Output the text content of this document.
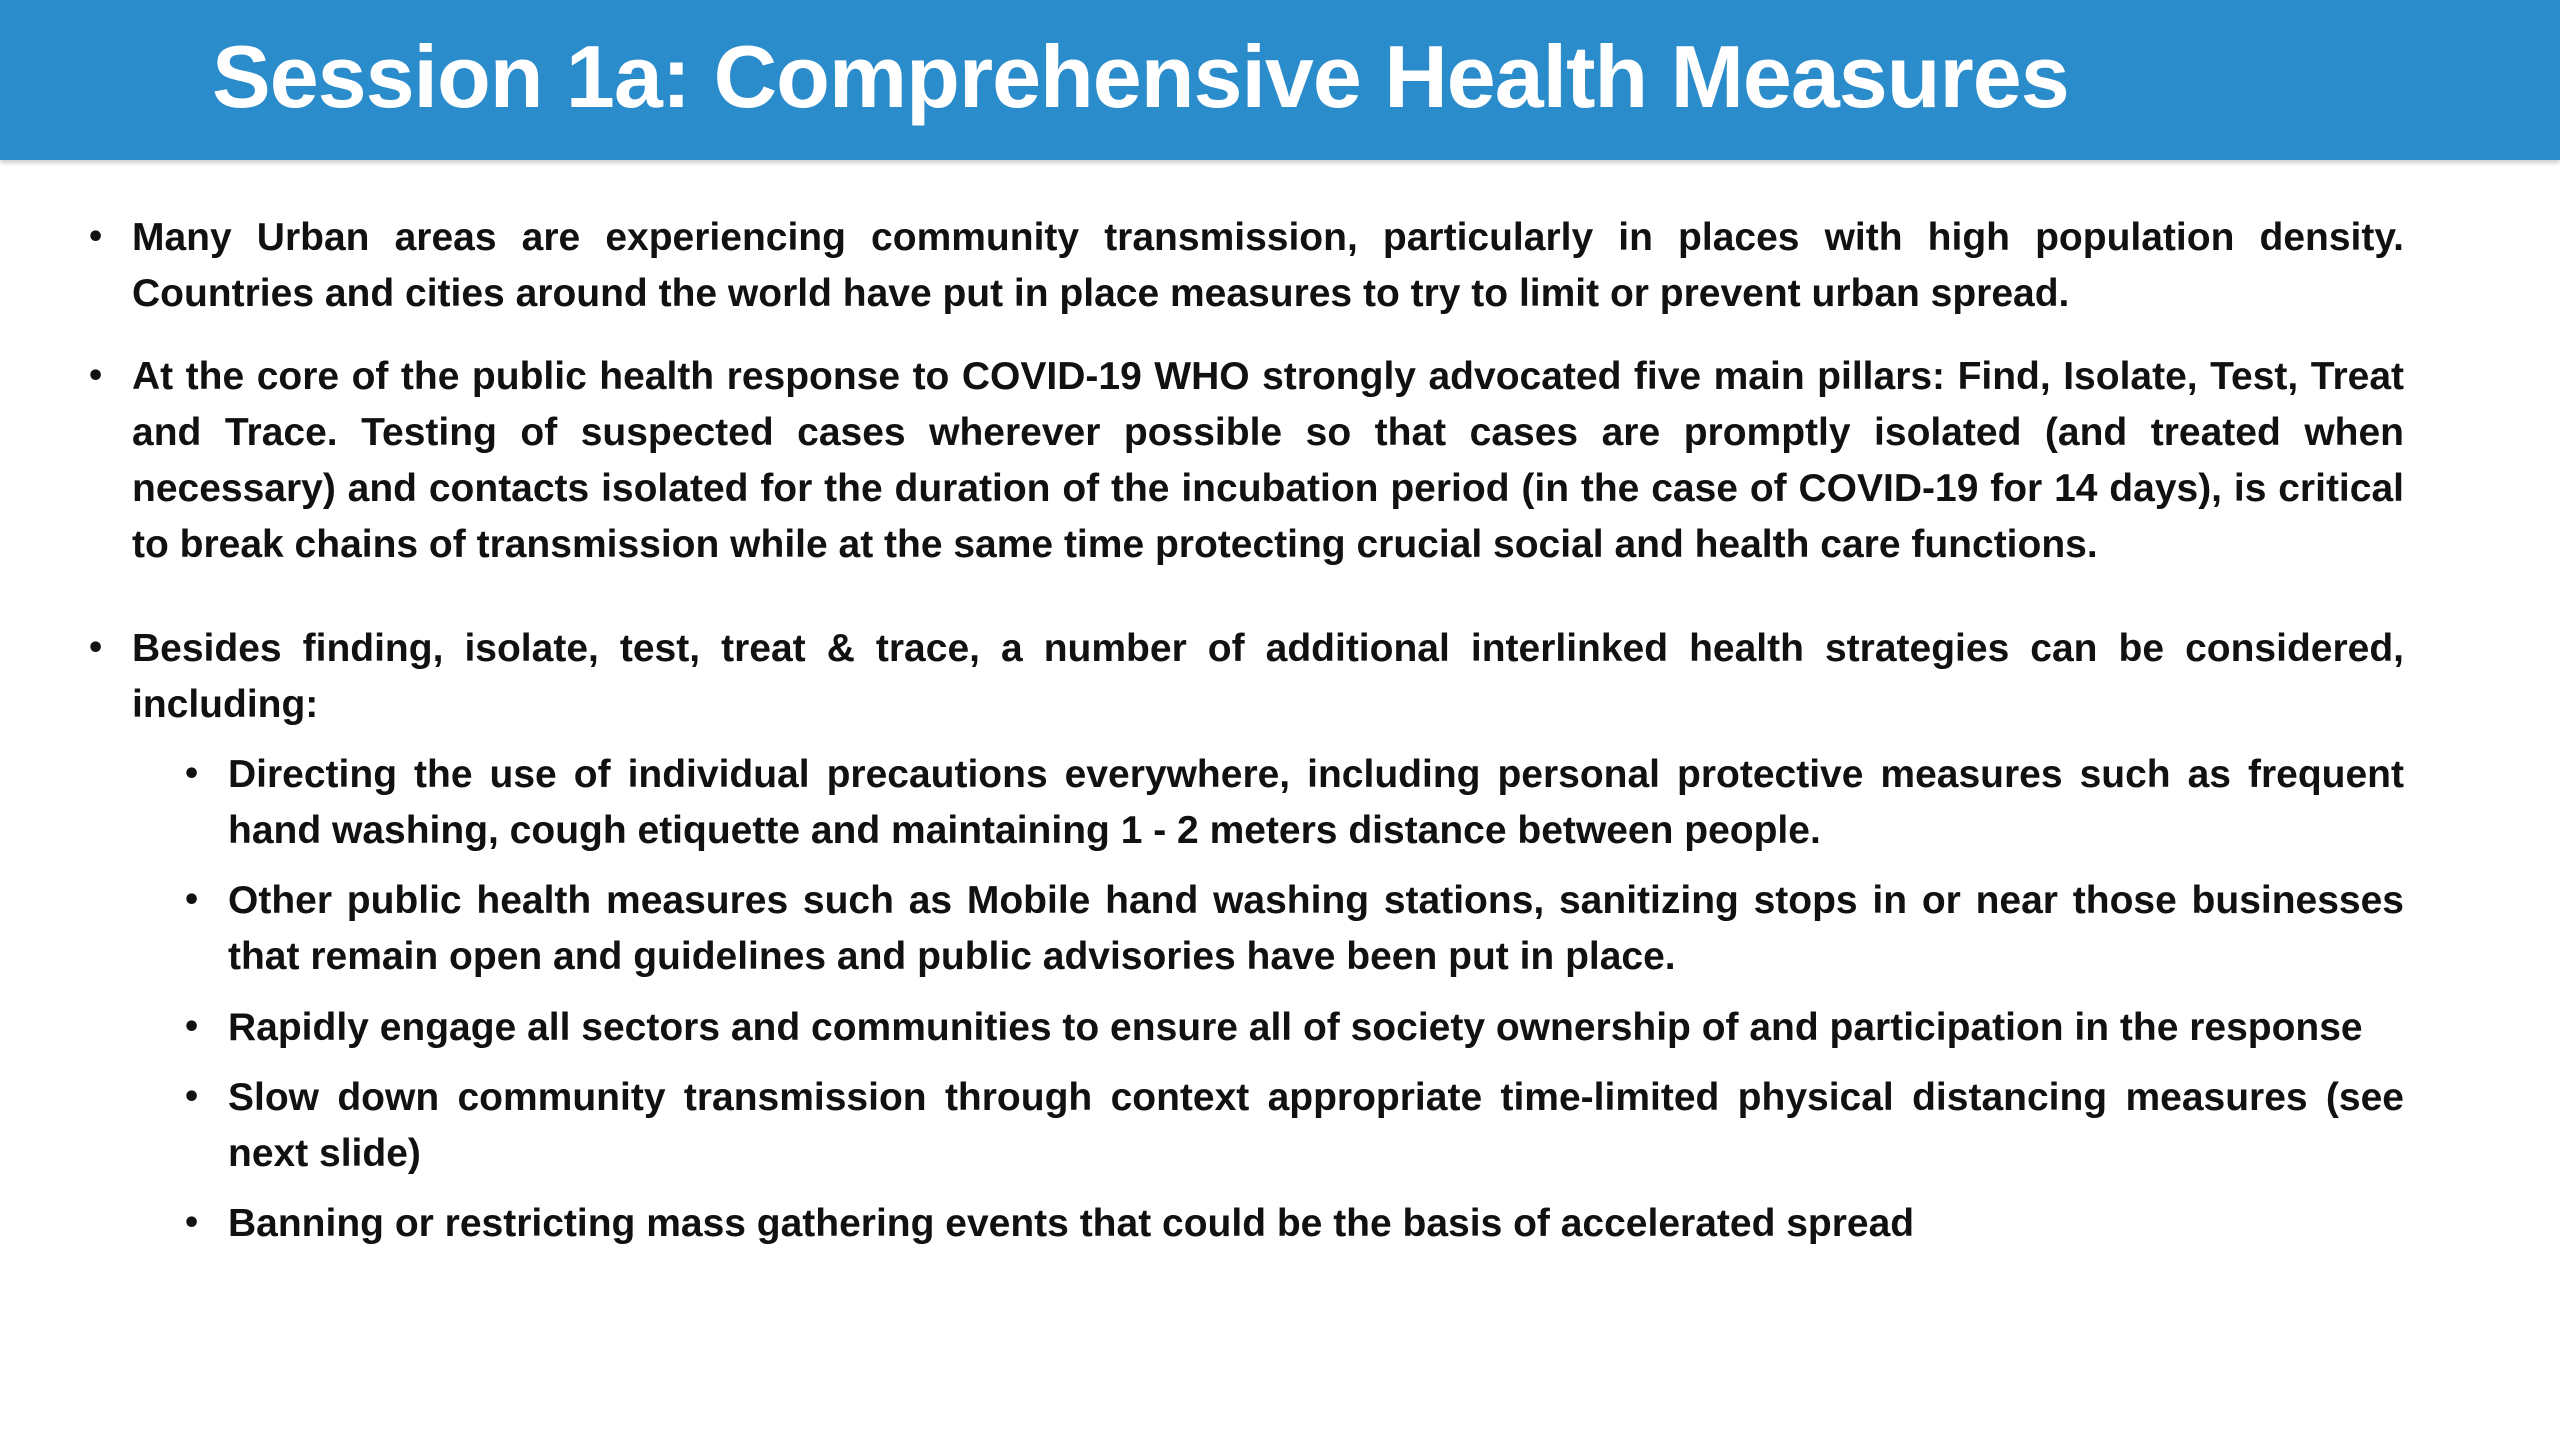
Session 1a: Comprehensive Health Measures
• Many Urban areas are experiencing community transmission, particularly in places with high population density. Countries and cities around the world have put in place measures to try to limit or prevent urban spread.

• At the core of the public health response to COVID-19 WHO strongly advocated five main pillars: Find, Isolate, Test, Treat and Trace. Testing of suspected cases wherever possible so that cases are promptly isolated (and treated when necessary) and contacts isolated for the duration of the incubation period (in the case of COVID-19 for 14 days), is critical to break chains of transmission while at the same time protecting crucial social and health care functions.

• Besides finding, isolate, test, treat & trace, a number of additional interlinked health strategies can be considered, including:

• Directing the use of individual precautions everywhere, including personal protective measures such as frequent hand washing, cough etiquette and maintaining 1 - 2 meters distance between people.

• Other public health measures such as Mobile hand washing stations, sanitizing stops in or near those businesses that remain open and guidelines and public advisories have been put in place.

• Rapidly engage all sectors and communities to ensure all of society ownership of and participation in the response

• Slow down community transmission through context appropriate time-limited physical distancing measures (see next slide)

• Banning or restricting mass gathering events that could be the basis of accelerated spread
